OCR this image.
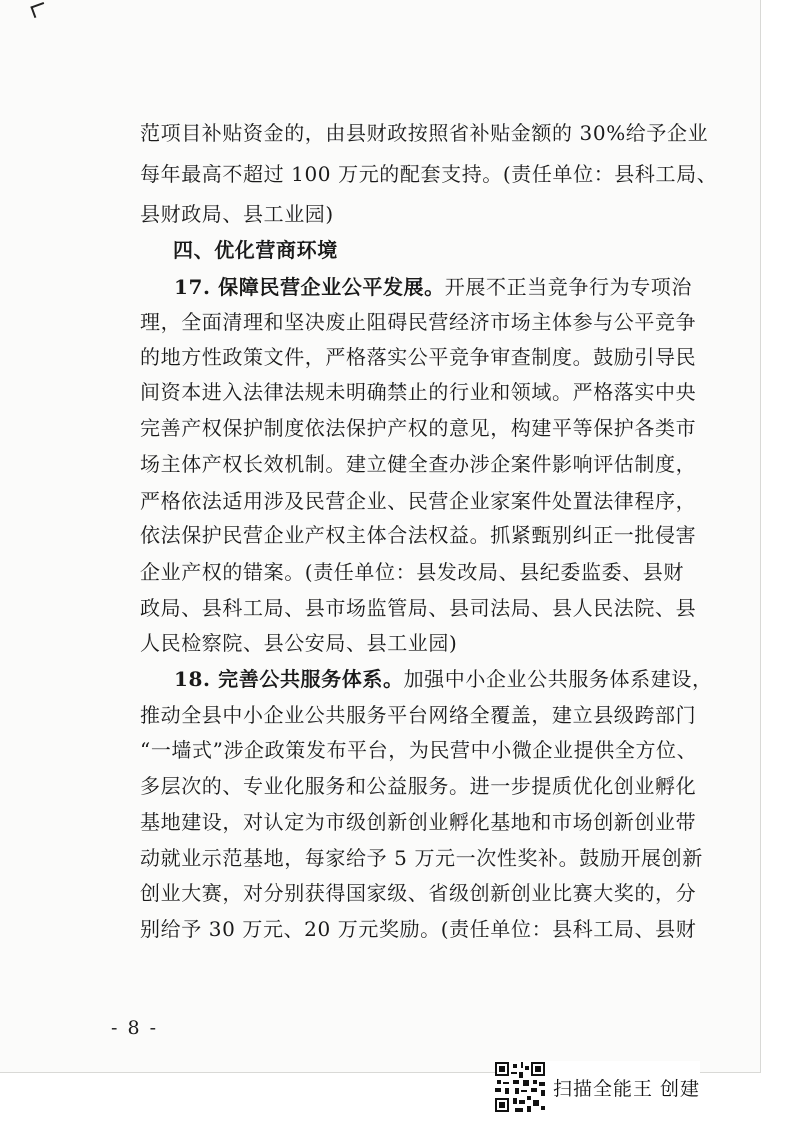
范项目补贴资金的，由县财政按照省补贴金额的 30%给予企业
每年最高不超过 100 万元的配套支持。(责任单位：县科工局、
县财政局、县工业园)
四、优化营商环境
17. 保障民营企业公平发展。开展不正当竞争行为专项治
理，全面清理和坚决废止阻碍民营经济市场主体参与公平竞争
的地方性政策文件，严格落实公平竞争审查制度。鼓励引导民
间资本进入法律法规未明确禁止的行业和领域。严格落实中央
完善产权保护制度依法保护产权的意见，构建平等保护各类市
场主体产权长效机制。建立健全查办涉企案件影响评估制度，
严格依法适用涉及民营企业、民营企业家案件处置法律程序，
依法保护民营企业产权主体合法权益。抓紧甄别纠正一批侵害
企业产权的错案。(责任单位：县发改局、县纪委监委、县财
政局、县科工局、县市场监管局、县司法局、县人民法院、县
人民检察院、县公安局、县工业园)
18. 完善公共服务体系。加强中小企业公共服务体系建设，
推动全县中小企业公共服务平台网络全覆盖，建立县级跨部门
“一墙式”涉企政策发布平台，为民营中小微企业提供全方位、
多层次的、专业化服务和公益服务。进一步提质优化创业孵化
基地建设，对认定为市级创新创业孵化基地和市场创新创业带
动就业示范基地，每家给予 5 万元一次性奖补。鼓励开展创新
创业大赛，对分别获得国家级、省级创新创业比赛大奖的，分
别给予 30 万元、20 万元奖励。(责任单位：县科工局、县财
- 8 -
扫描全能王 创建
